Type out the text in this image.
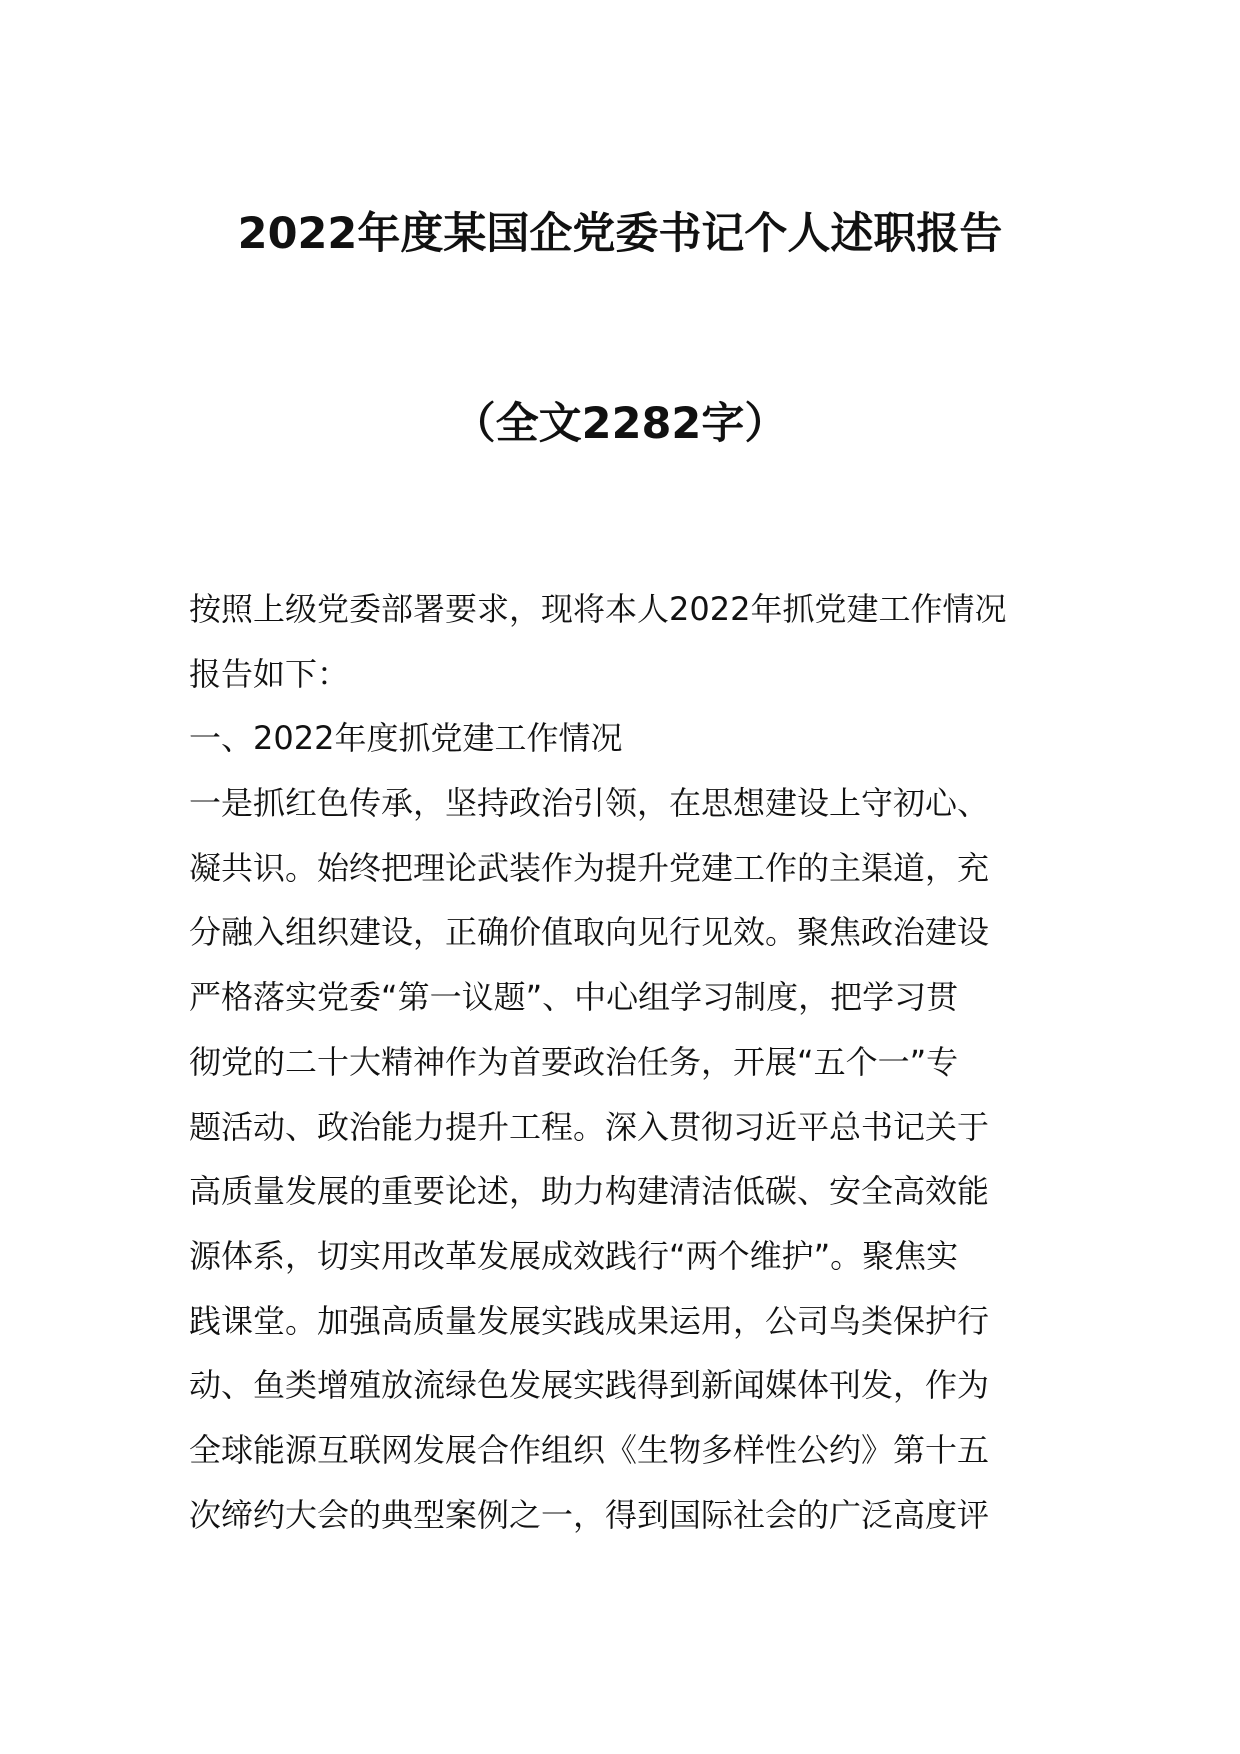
2022年度某国企党委书记个人述职报告
（全文2282字）
按照上级党委部署要求，现将本人2022年抓党建工作情况
报告如下：
一、2022年度抓党建工作情况
一是抓红色传承，坚持政治引领，在思想建设上守初心、
凝共识。始终把理论武装作为提升党建工作的主渠道，充
分融入组织建设，正确价值取向见行见效。聚焦政治建设
严格落实党委“第一议题”、中心组学习制度，把学习贯
彻党的二十大精神作为首要政治任务，开展“五个一”专
题活动、政治能力提升工程。深入贯彻习近平总书记关于
高质量发展的重要论述，助力构建清洁低碳、安全高效能
源体系，切实用改革发展成效践行“两个维护”。聚焦实
践课堂。加强高质量发展实践成果运用，公司鸟类保护行
动、鱼类增殖放流绿色发展实践得到新闻媒体刊发，作为
全球能源互联网发展合作组织《生物多样性公约》第十五
次缔约大会的典型案例之一，得到国际社会的广泛高度评
